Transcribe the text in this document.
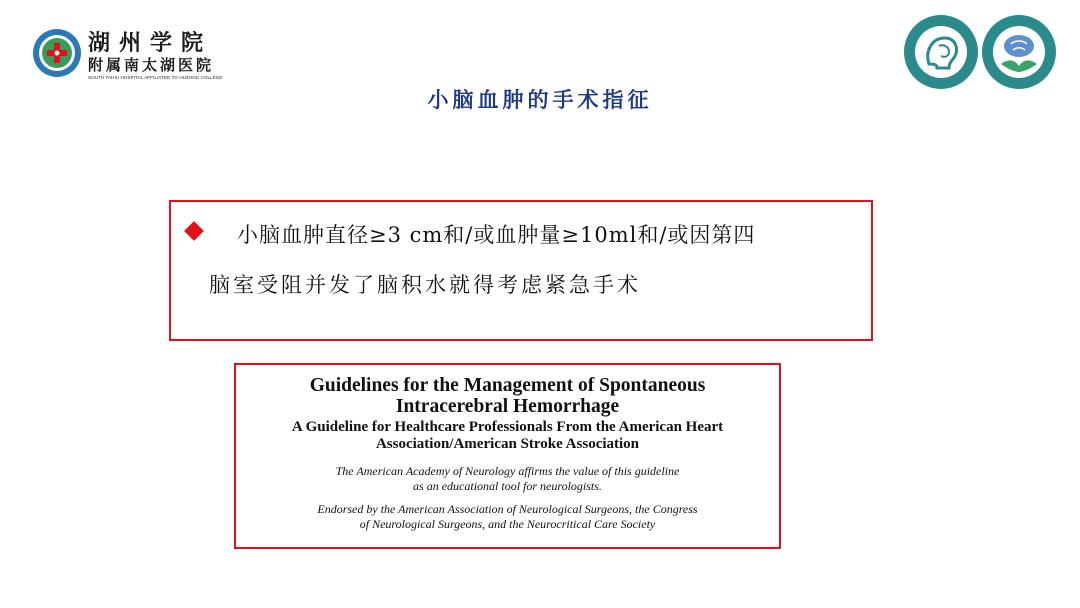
湖州学院
附属南太湖医院
SOUTH TAIHU HOSPITAL AFFILIATED TO HUZHOU COLLEGE
小脑血肿的手术指征
小脑血肿直径≥3 cm和/或血肿量≥10ml和/或因第四
脑室受阻并发了脑积水就得考虑紧急手术
Guidelines for the Management of Spontaneous
Intracerebral Hemorrhage
A Guideline for Healthcare Professionals From the American Heart
Association/American Stroke Association
The American Academy of Neurology affirms the value of this guideline
as an educational tool for neurologists.
Endorsed by the American Association of Neurological Surgeons, the Congress
of Neurological Surgeons, and the Neurocritical Care Society
